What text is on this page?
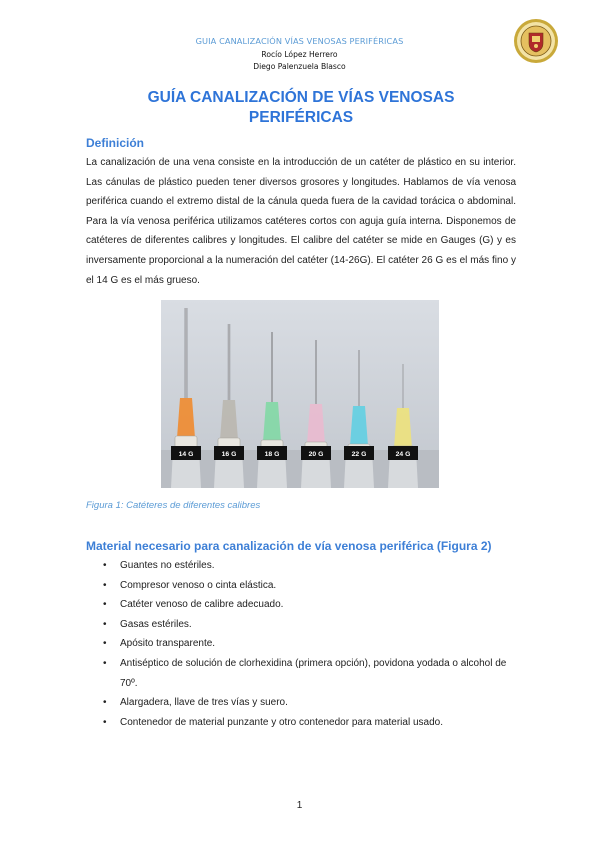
GUIA CANALIZACIÓN VÍAS VENOSAS PERIFÉRICAS
Rocío López Herrero
Diego Palenzuela Blasco
GUÍA CANALIZACIÓN DE VÍAS VENOSAS
PERIFÉRICAS
Definición
La canalización de una vena consiste en la introducción de un catéter de plástico en su interior. Las cánulas de plástico pueden tener diversos grosores y longitudes. Hablamos de vía venosa periférica cuando el extremo distal de la cánula queda fuera de la cavidad torácica o abdominal. Para la vía venosa periférica utilizamos catéteres cortos con aguja guía interna. Disponemos de catéteres de diferentes calibres y longitudes. El calibre del catéter se mide en Gauges (G) y es inversamente proporcional a la numeración del catéter (14-26G). El catéter 26 G es el más fino y el 14 G es el más grueso.
14 G	16 G	18 G	20 G	22 G	24 G
Figura 1: Catéteres de diferentes calibres
Material necesario para canalización de vía venosa periférica (Figura 2)
• Guantes no estériles.
• Compresor venoso o cinta elástica.
• Catéter venoso de calibre adecuado.
• Gasas estériles.
• Apósito transparente.
• Antiséptico de solución de clorhexidina (primera opción), povidona yodada o alcohol de 70º.
• Alargadera, llave de tres vías y suero.
• Contenedor de material punzante y otro contenedor para material usado.
1
